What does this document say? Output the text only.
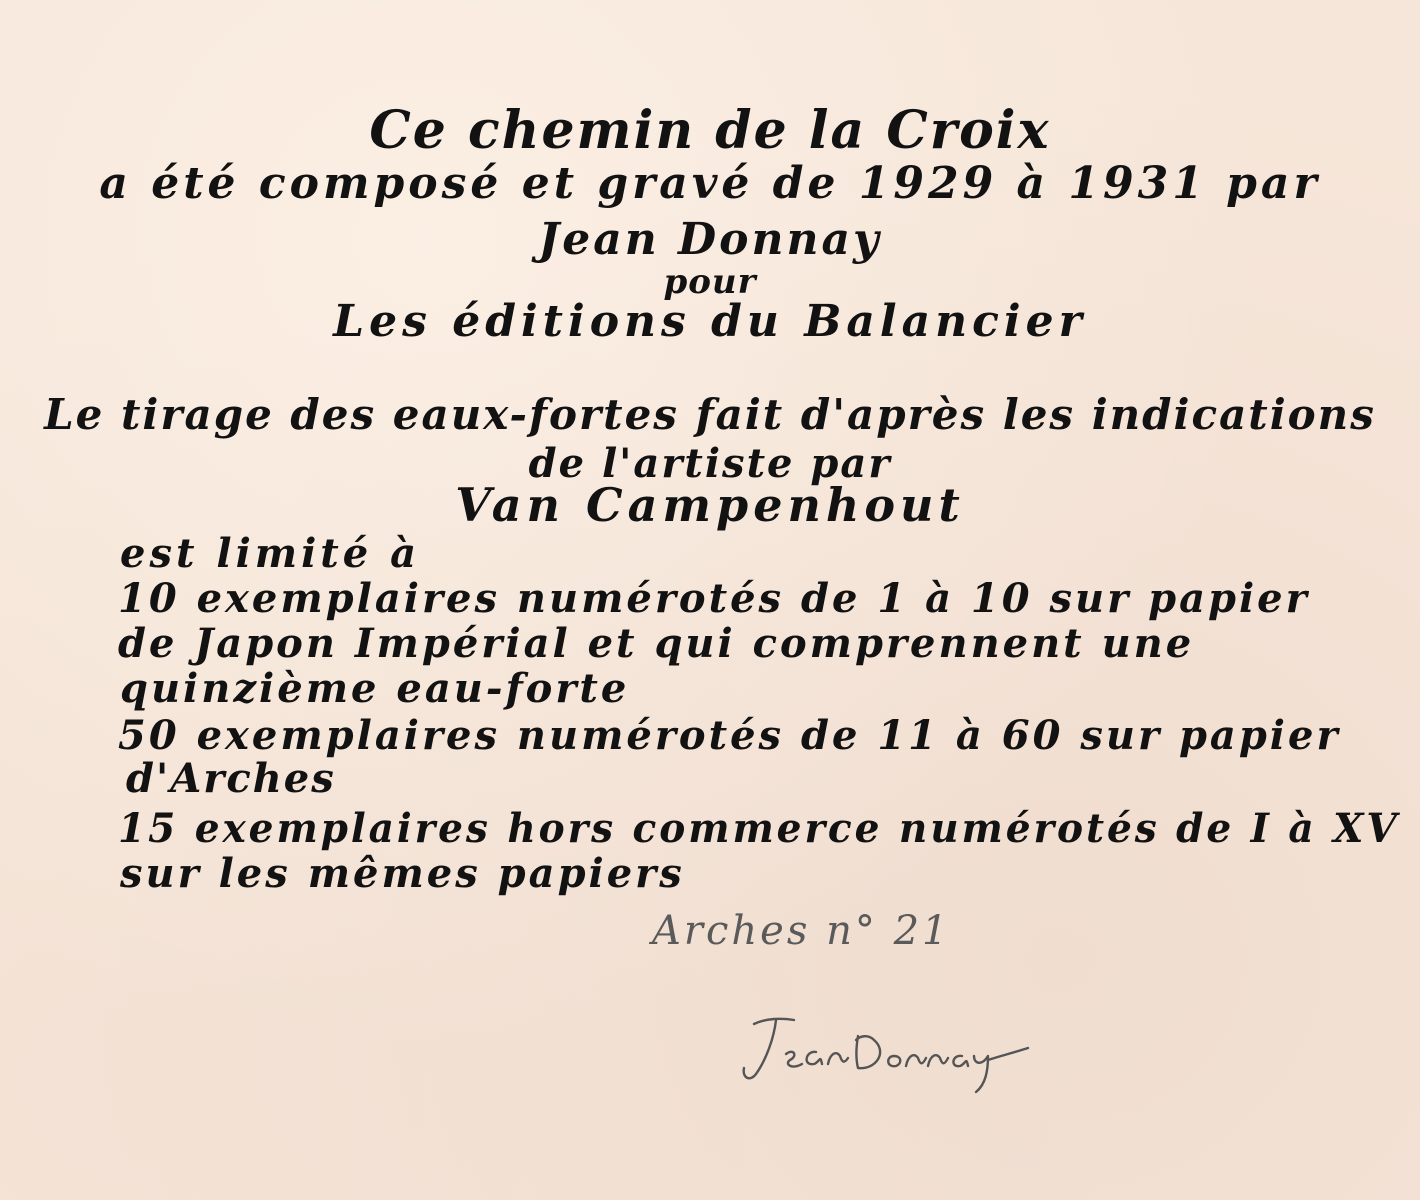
Ce chemin de la Croix
a été composé et gravé de 1929 à 1931 par
Jean Donnay
pour
Les éditions du Balancier
Le tirage des eaux-fortes fait d'après les indications
de l'artiste par
Van Campenhout
est limité à
10 exemplaires numérotés de 1 à 10 sur papier
de Japon Impérial et qui comprennent une
quinzième eau-forte
50 exemplaires numérotés de 11 à 60 sur papier
d'Arches
15 exemplaires hors commerce numérotés de I à XV
sur les mêmes papiers
Arches n° 21
